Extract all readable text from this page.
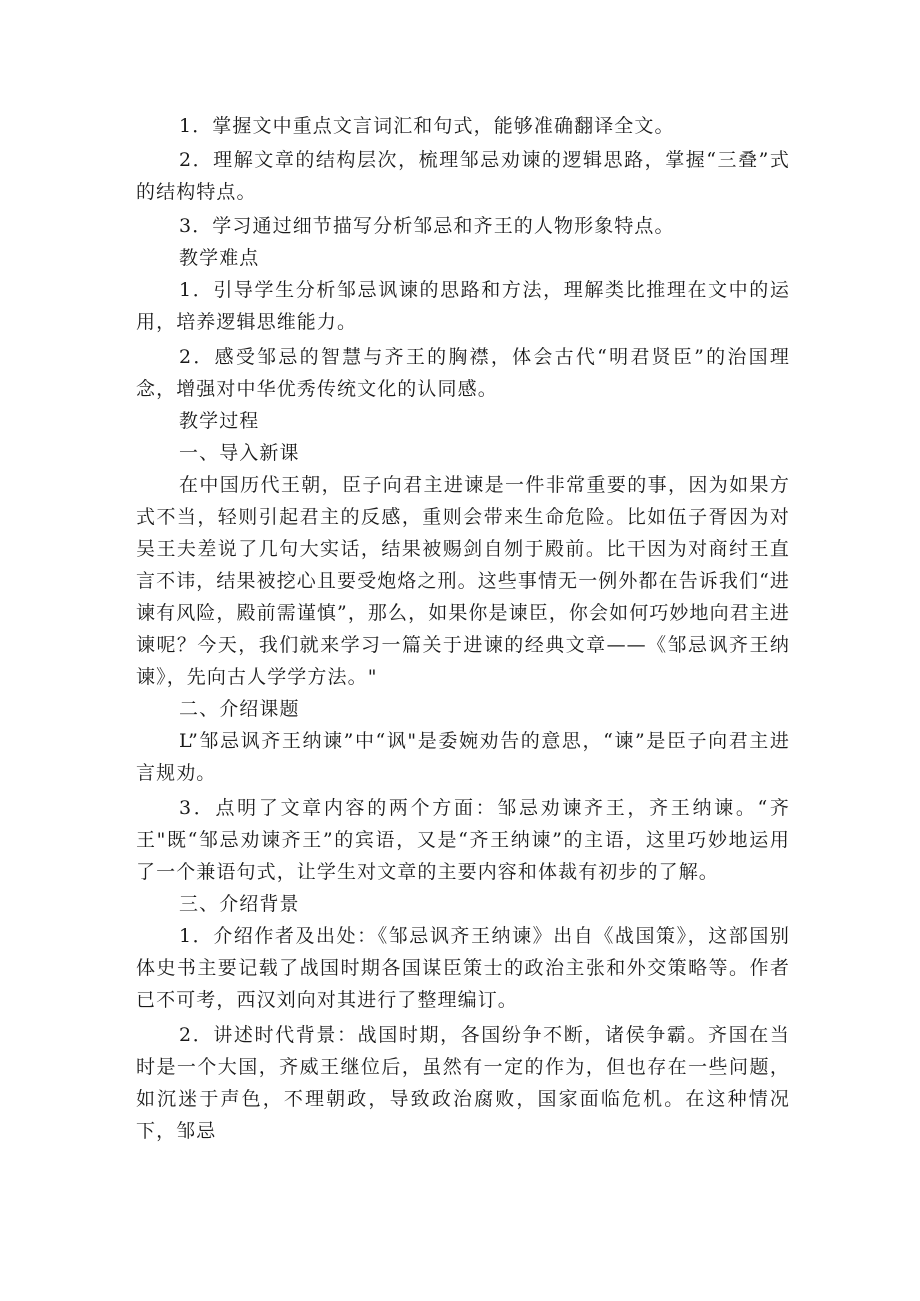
1．掌握文中重点文言词汇和句式，能够准确翻译全文。

2．理解文章的结构层次，梳理邹忌劝谏的逻辑思路，掌握“三叠”式的结构特点。

3．学习通过细节描写分析邹忌和齐王的人物形象特点。

教学难点

1．引导学生分析邹忌讽谏的思路和方法，理解类比推理在文中的运用，培养逻辑思维能力。

2．感受邹忌的智慧与齐王的胸襟，体会古代“明君贤臣”的治国理念，增强对中华优秀传统文化的认同感。

教学过程

一、导入新课

在中国历代王朝，臣子向君主进谏是一件非常重要的事，因为如果方式不当，轻则引起君主的反感，重则会带来生命危险。比如伍子胥因为对吴王夫差说了几句大实话，结果被赐剑自刎于殿前。比干因为对商纣王直言不讳，结果被挖心且要受炮烙之刑。这些事情无一例外都在告诉我们“进谏有风险，殿前需谨慎”，那么，如果你是谏臣，你会如何巧妙地向君主进谏呢？今天，我们就来学习一篇关于进谏的经典文章——《邹忌讽齐王纳谏》，先向古人学学方法。"

二、介绍课题

L”邹忌讽齐王纳谏”中“讽"是委婉劝告的意思，“谏”是臣子向君主进言规劝。

3．点明了文章内容的两个方面：邹忌劝谏齐王，齐王纳谏。“齐王"既“邹忌劝谏齐王”的宾语，又是“齐王纳谏”的主语，这里巧妙地运用了一个兼语句式，让学生对文章的主要内容和体裁有初步的了解。

三、介绍背景

1．介绍作者及出处：《邹忌讽齐王纳谏》出自《战国策》，这部国别体史书主要记载了战国时期各国谋臣策士的政治主张和外交策略等。作者已不可考，西汉刘向对其进行了整理编订。

2．讲述时代背景：战国时期，各国纷争不断，诸侯争霸。齐国在当时是一个大国，齐威王继位后，虽然有一定的作为，但也存在一些问题，如沉迷于声色，不理朝政，导致政治腐败，国家面临危机。在这种情况下，邹忌
